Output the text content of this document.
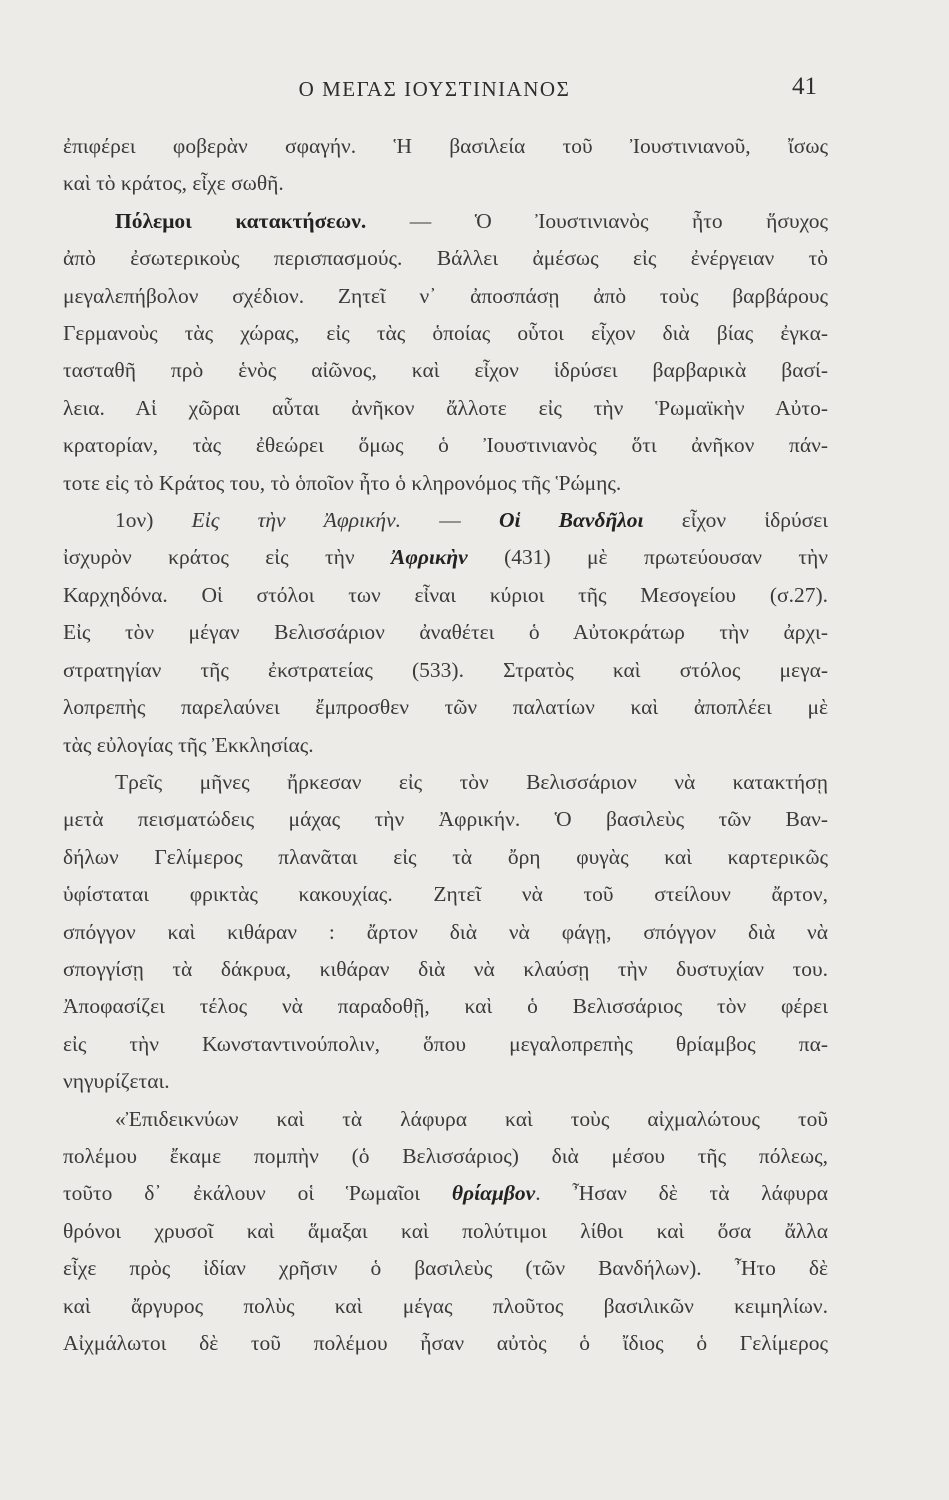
Ο ΜΕΓΑΣ ΙΟΥΣΤΙΝΙΑΝΟΣ	41
ἐπιφέρει φοβερὰν σφαγήν. Ἡ βασιλεία τοῦ Ἰουστινιανοῦ, ἴσως
καὶ τὸ κράτος, εἶχε σωθῆ.
Πόλεμοι κατακτήσεων. — Ὁ Ἰουστινιανὸς ἦτο ἥσυχος
ἀπὸ ἐσωτερικοὺς περισπασμούς. Βάλλει ἀμέσως εἰς ἐνέργειαν τὸ
μεγαλεπήβολον σχέδιον. Ζητεῖ ν᾽ ἀποσπάσῃ ἀπὸ τοὺς βαρβάρους
Γερμανοὺς τὰς χώρας, εἰς τὰς ὁποίας οὗτοι εἶχον διὰ βίας ἐγκα-
τασταθῆ πρὸ ἑνὸς αἰῶνος, καὶ εἶχον ἱδρύσει βαρβαρικὰ βασί-
λεια. Αἱ χῶραι αὗται ἀνῆκον ἄλλοτε εἰς τὴν Ῥωμαϊκὴν Αὐτο-
κρατορίαν, τὰς ἐθεώρει ὅμως ὁ Ἰουστινιανὸς ὅτι ἀνῆκον πάν-
τοτε εἰς τὸ Κράτος του, τὸ ὁποῖον ἦτο ὁ κληρονόμος τῆς Ῥώμης.
1ον) Εἰς τὴν Ἀφρικήν. — Οἱ Βανδῆλοι εἶχον ἱδρύσει
ἰσχυρὸν κράτος εἰς τὴν Ἀφρικὴν (431) μὲ πρωτεύουσαν τὴν
Καρχηδόνα. Οἱ στόλοι των εἶναι κύριοι τῆς Μεσογείου (σ.27).
Εἰς τὸν μέγαν Βελισσάριον ἀναθέτει ὁ Αὐτοκράτωρ τὴν ἀρχι-
στρατηγίαν τῆς ἐκστρατείας (533). Στρατὸς καὶ στόλος μεγα-
λοπρεπὴς παρελαύνει ἔμπροσθεν τῶν παλατίων καὶ ἀποπλέει μὲ
τὰς εὐλογίας τῆς Ἐκκλησίας.
Τρεῖς μῆνες ἤρκεσαν εἰς τὸν Βελισσάριον νὰ κατακτήσῃ
μετὰ πεισματώδεις μάχας τὴν Ἀφρικήν. Ὁ βασιλεὺς τῶν Βαν-
δήλων Γελίμερος πλανᾶται εἰς τὰ ὄρη φυγὰς καὶ καρτερικῶς
ὑφίσταται φρικτὰς κακουχίας. Ζητεῖ νὰ τοῦ στείλουν ἄρτον,
σπόγγον καὶ κιθάραν : ἄρτον διὰ νὰ φάγῃ, σπόγγον διὰ νὰ
σπογγίσῃ τὰ δάκρυα, κιθάραν διὰ νὰ κλαύσῃ τὴν δυστυχίαν του.
Ἀποφασίζει τέλος νὰ παραδοθῇ, καὶ ὁ Βελισσάριος τὸν φέρει
εἰς τὴν Κωνσταντινούπολιν, ὅπου μεγαλοπρεπὴς θρίαμβος πα-
νηγυρίζεται.
«Ἐπιδεικνύων καὶ τὰ λάφυρα καὶ τοὺς αἰχμαλώτους τοῦ
πολέμου ἔκαμε πομπὴν (ὁ Βελισσάριος) διὰ μέσου τῆς πόλεως,
τοῦτο δ᾽ ἐκάλουν οἱ Ῥωμαῖοι θρίαμβον. Ἦσαν δὲ τὰ λάφυρα
θρόνοι χρυσοῖ καὶ ἅμαξαι καὶ πολύτιμοι λίθοι καὶ ὅσα ἄλλα
εἶχε πρὸς ἰδίαν χρῆσιν ὁ βασιλεὺς (τῶν Βανδήλων). Ἦτο δὲ
καὶ ἄργυρος πολὺς καὶ μέγας πλοῦτος βασιλικῶν κειμηλίων.
Αἰχμάλωτοι δὲ τοῦ πολέμου ἦσαν αὐτὸς ὁ ἴδιος ὁ Γελίμερος
